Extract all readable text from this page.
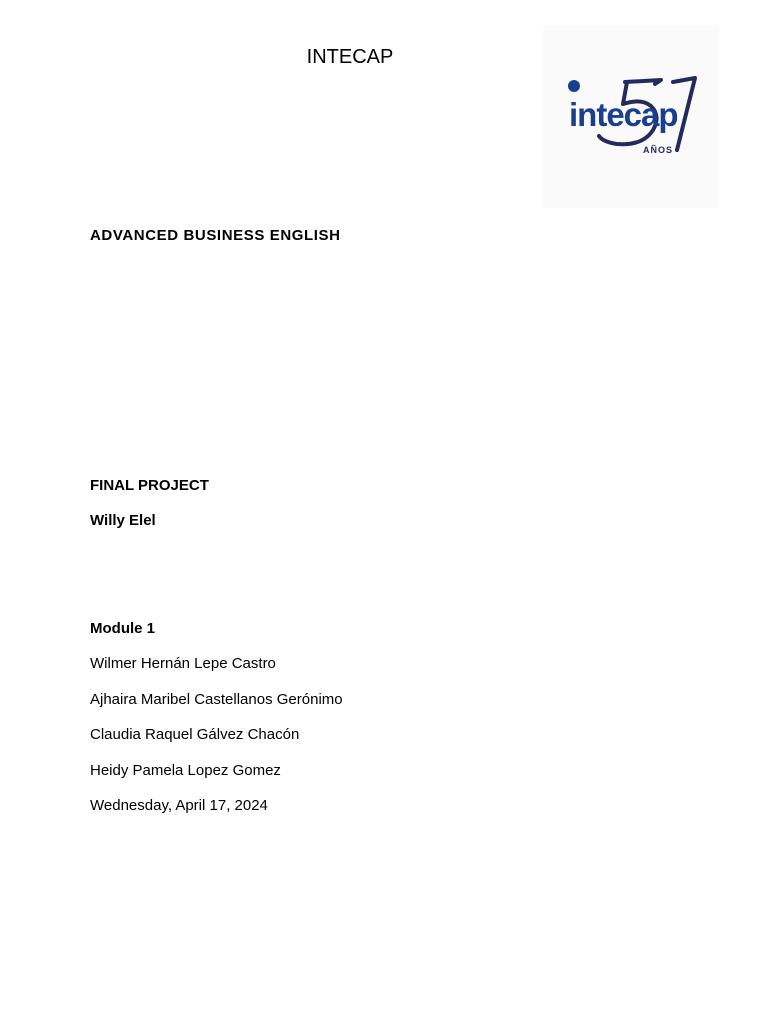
INTECAP
intecap
AÑOS
ADVANCED BUSINESS ENGLISH
FINAL PROJECT
Willy Elel
Module 1
Wilmer Hernán Lepe Castro
Ajhaira Maribel Castellanos Gerónimo
Claudia Raquel Gálvez Chacón
Heidy Pamela Lopez Gomez
Wednesday, April 17, 2024
